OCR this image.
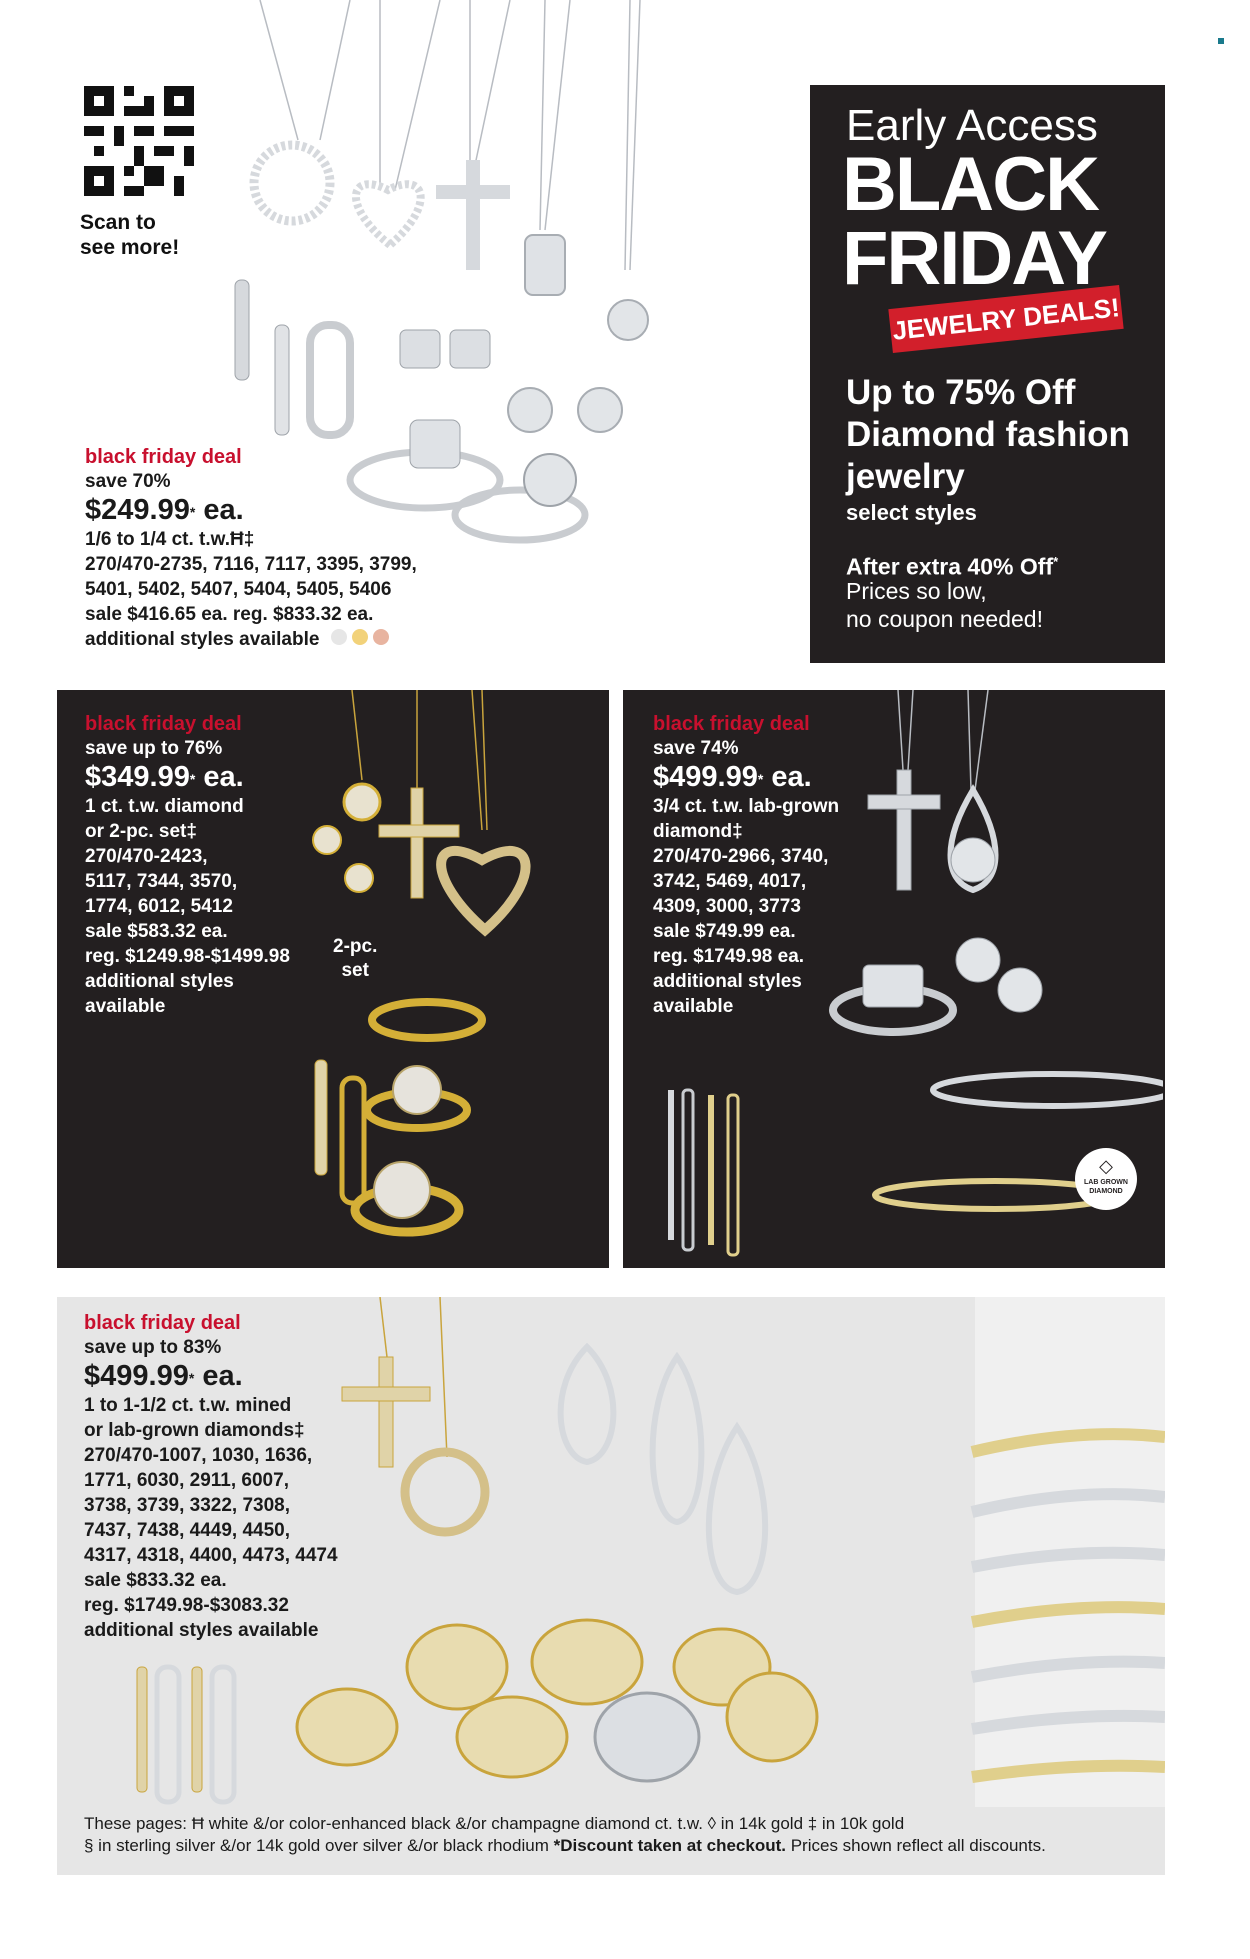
Scan to
see more!
Early Access
BLACK
FRIDAY
JEWELRY DEALS!
Up to 75% Off
Diamond fashion
jewelry
select styles
After extra 40% Off*
Prices so low,
no coupon needed!
black friday deal
save 70%
$249.99* ea.
1/6 to 1/4 ct. t.w.Ħ‡
270/470-2735, 7116, 7117, 3395, 3799,
5401, 5402, 5407, 5404, 5405, 5406
sale $416.65 ea. reg. $833.32 ea.
additional styles available
black friday deal
save up to 76%
$349.99* ea.
1 ct. t.w. diamond
or 2-pc. set‡
270/470-2423,
5117, 7344, 3570,
1774, 6012, 5412
sale $583.32 ea.
reg. $1249.98-$1499.98
additional styles
available
2-pc.
set
black friday deal
save 74%
$499.99* ea.
3/4 ct. t.w. lab-grown
diamond‡
270/470-2966, 3740,
3742, 5469, 4017,
4309, 3000, 3773
sale $749.99 ea.
reg. $1749.98 ea.
additional styles
available
◇
LAB GROWN
DIAMOND
black friday deal
save up to 83%
$499.99* ea.
1 to 1-1/2 ct. t.w. mined
or lab-grown diamonds‡
270/470-1007, 1030, 1636,
1771, 6030, 2911, 6007,
3738, 3739, 3322, 7308,
7437, 7438, 4449, 4450,
4317, 4318, 4400, 4473, 4474
sale $833.32 ea.
reg. $1749.98-$3083.32
additional styles available
These pages: Ħ white &/or color-enhanced black &/or champagne diamond ct. t.w. ◊ in 14k gold ‡ in 10k gold
§ in sterling silver &/or 14k gold over silver &/or black rhodium *Discount taken at checkout. Prices shown reflect all discounts.
